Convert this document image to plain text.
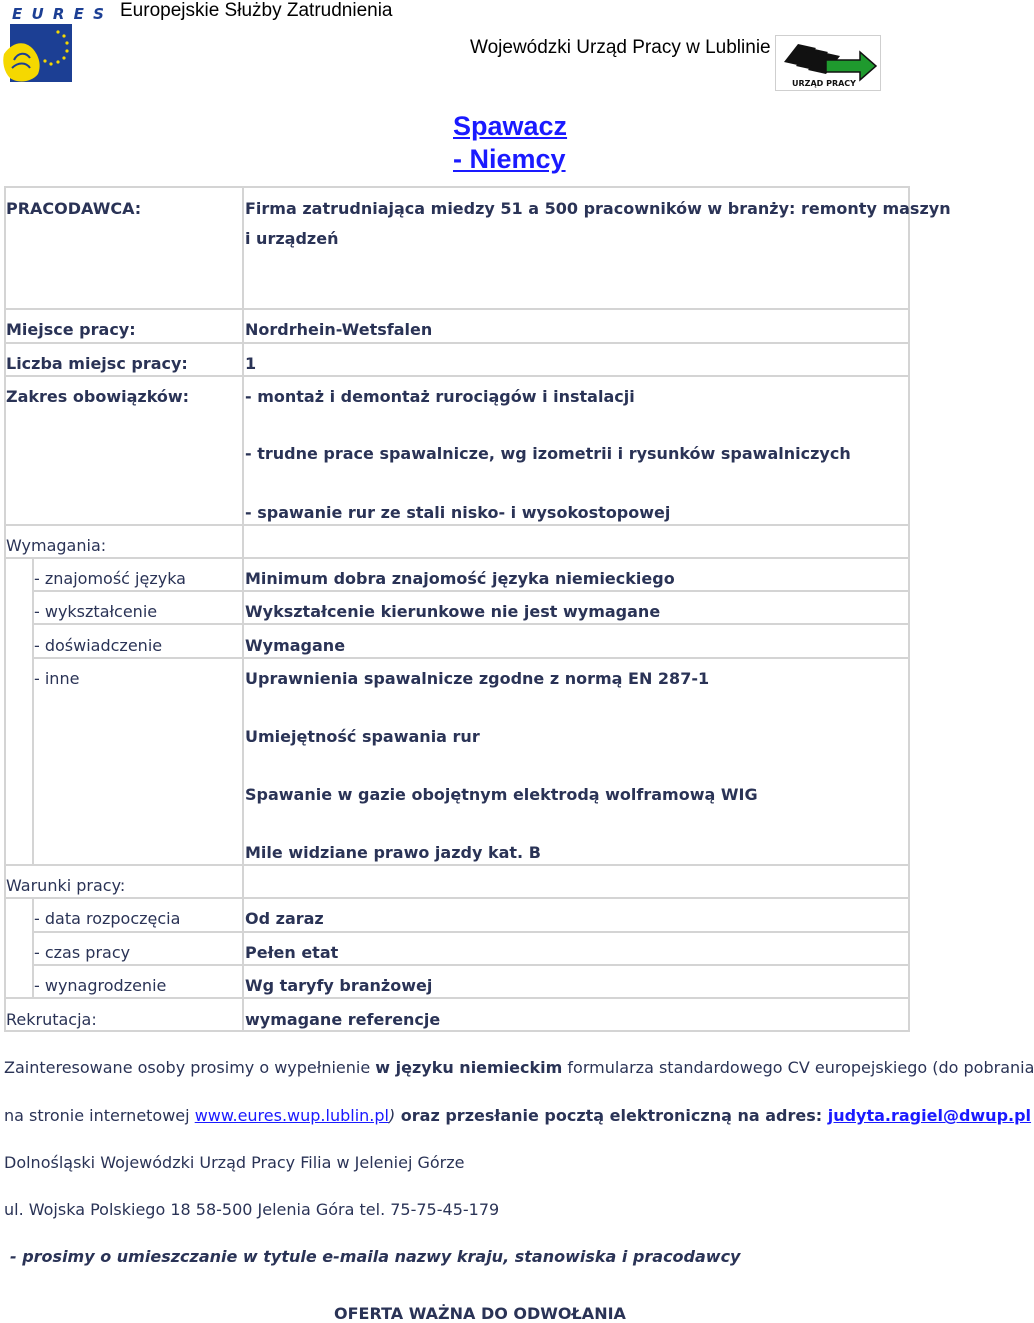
E U R E S Europejskie Służby Zatrudnienia
Wojewódzki Urząd Pracy w Lublinie
URZĄD PRACY
Spawacz
- Niemcy
PRACODAWCA:	Firma zatrudniająca miedzy 51 a 500 pracowników w branży: remonty maszyn
i urządzeń
Miejsce pracy:	Nordrhein-Wetsfalen
Liczba miejsc pracy:	1
Zakres obowiązków:	- montaż i demontaż rurociągów i instalacji
- trudne prace spawalnicze, wg izometrii i rysunków spawalniczych
- spawanie rur ze stali nisko- i wysokostopowej
Wymagania:
- znajomość języka	Minimum dobra znajomość języka niemieckiego
- wykształcenie	Wykształcenie kierunkowe nie jest wymagane
- doświadczenie	Wymagane
- inne	Uprawnienia spawalnicze zgodne z normą EN 287-1
Umiejętność spawania rur
Spawanie w gazie obojętnym elektrodą wolframową WIG
Mile widziane prawo jazdy kat. B
Warunki pracy:
- data rozpoczęcia	Od zaraz
- czas pracy	Pełen etat
- wynagrodzenie	Wg taryfy branżowej
Rekrutacja:	wymagane referencje
Zainteresowane osoby prosimy o wypełnienie w języku niemieckim formularza standardowego CV europejskiego (do pobrania
na stronie internetowej www.eures.wup.lublin.pl) oraz przesłanie pocztą elektroniczną na adres: judyta.ragiel@dwup.pl
Dolnośląski Wojewódzki Urząd Pracy Filia w Jeleniej Górze
ul. Wojska Polskiego 18 58-500 Jelenia Góra tel. 75-75-45-179
- prosimy o umieszczanie w tytule e-maila nazwy kraju, stanowiska i pracodawcy
OFERTA WAŻNA DO ODWOŁANIA
